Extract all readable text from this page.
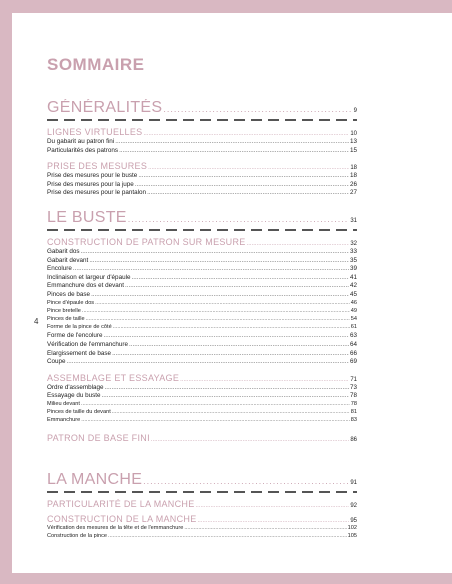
4
SOMMAIRE
GÉNÉRALITÉS .....	9
LIGNES VIRTUELLES .....	10
Du gabarit au patron fini .....	13
Particularités des patrons .....	15
PRISE DES MESURES .....	18
Prise des mesures pour le buste .....	18
Prise des mesures pour la jupe .....	26
Prise des mesures pour le pantalon .....	27
LE BUSTE .....	31
CONSTRUCTION DE PATRON SUR MESURE .....	32
Gabarit dos .....	33
Gabarit devant .....	35
Encolure .....	39
Inclinaison et largeur d'épaule .....	41
Emmanchure dos et devant .....	42
Pinces de base .....	45
Pince d'épaule dos .....	46
Pince bretelle .....	49
Pinces de taille .....	54
Forme de la pince de côté .....	61
Forme de l'encolure .....	63
Vérification de l'emmanchure .....	64
Élargissement de base .....	66
Coupe .....	69
ASSEMBLAGE ET ESSAYAGE .....	71
Ordre d'assemblage .....	73
Essayage du buste .....	78
Milieu devant .....	78
Pinces de taille du devant .....	81
Emmanchure .....	83
PATRON DE BASE FINI .....	86
LA MANCHE .....	91
PARTICULARITÉ DE LA MANCHE .....	92
CONSTRUCTION DE LA MANCHE .....	95
Vérification des mesures de la tête et de l'emmanchure .....	102
Construction de la pince .....	105
